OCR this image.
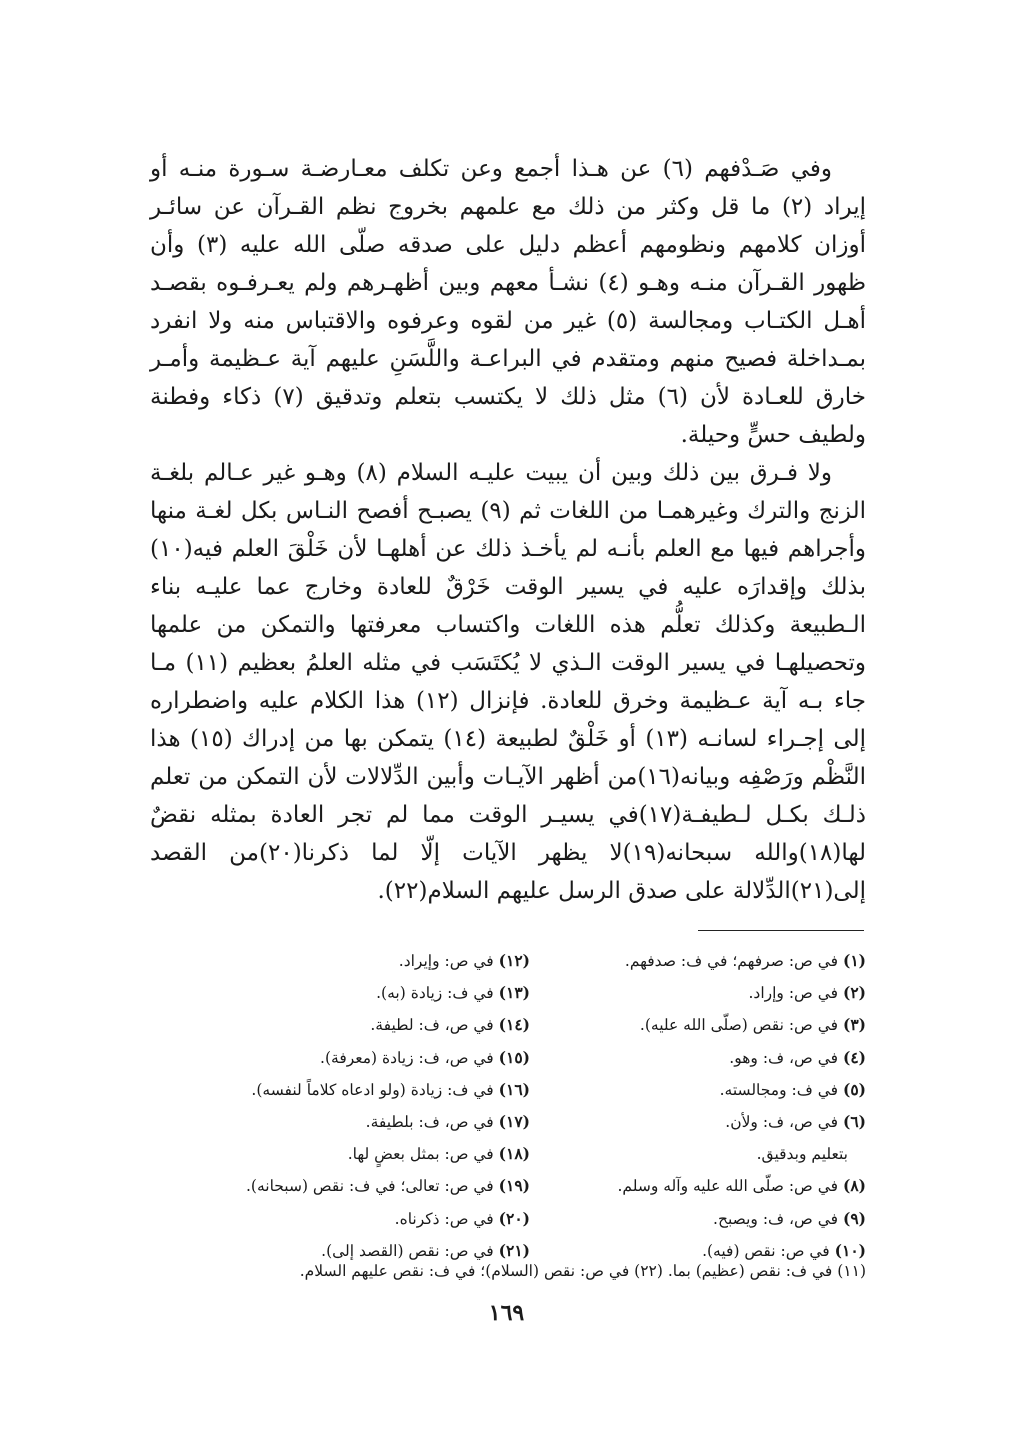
وفي صَـدْفهم (٦) عن هـذا أجمع وعن تكلف معـارضـة سـورة منـه أو إيراد (٢) ما قل وكثر من ذلك مع علمهم بخروج نظم القـرآن عن سائـر أوزان كلامهم ونظومهم أعظم دليل على صدقه صلّى الله عليه (٣) وأن ظهور القـرآن منـه وهـو (٤) نشـأ معهم وبين أظهـرهم ولم يعـرفـوه بقصـد أهـل الكتـاب ومجالسة (٥) غير من لقوه وعرفوه والاقتباس منه ولا انفرد بمـداخلة فصيح منهم ومتقدم في البراعـة واللَّسَنِ عليهم آية عـظيمة وأمـر خارق للعـادة لأن (٦) مثل ذلك لا يكتسب بتعلم وتدقيق (٧) ذكاء وفطنة ولطيف حسٍّ وحيلة.

ولا فـرق بين ذلك وبين أن يبيت عليـه السلام (٨) وهـو غير عـالم بلغـة الزنج والترك وغيرهمـا من اللغات ثم (٩) يصبـح أفصح النـاس بكل لغـة منها وأجراهم فيها مع العلم بأنـه لم يأخـذ ذلك عن أهلهـا لأن خَلْقَ العلم فيه(١٠) بذلك وإقدارَه عليه في يسير الوقت خَرْقٌ للعادة وخارج عما عليـه بناء الـطبيعة وكذلك تعلُّم هذه اللغات واكتساب معرفتها والتمكن من علمها وتحصيلهـا في يسير الوقت الـذي لا يُكتَسَب في مثله العلمُ بعظيم (١١) مـا جاء بـه آية عـظيمة وخرق للعادة. فإنزال (١٢) هذا الكلام عليه واضطراره إلى إجـراء لسانـه (١٣) أو خَلْقٌ لطبيعة (١٤) يتمكن بها من إدراك (١٥) هذا النَّظْم ورَصْفِه وبيانه(١٦)من أظهر الآيـات وأبين الدِّلالات لأن التمكن من تعلم ذلـك بكـل لـطيفـة(١٧)في يسيـر الوقت مما لم تجر العادة بمثله نقضٌ لها(١٨)والله سبحانه(١٩)لا يظهر الآيات إلّا لما ذكرنا(٢٠)من القصد إلى(٢١)الدِّلالة على صدق الرسل عليهم السلام(٢٢).

(١) في ص: صرفهم؛ في ف: صدفهم.
(٢) في ص: وإراد.
(٣) في ص: نقص (صلّى الله عليه).
(٤) في ص، ف: وهو.
(٥) في ف: ومجالسته.
(٦) في ص، ف: ولأن.
بتعليم وبدقيق.
(٨) في ص: صلّى الله عليه وآله وسلم.
(٩) في ص، ف: ويصبح.
(١٠) في ص: نقص (فيه).
(١٢) في ص: وإيراد.
(١٣) في ف: زيادة (به).
(١٤) في ص، ف: لطيفة.
(١٥) في ص، ف: زيادة (معرفة).
(١٦) في ف: زيادة (ولو ادعاه كلاماً لنفسه).
(١٧) في ص، ف: بلطيفة.
(١٨) في ص: بمثل بعضٍ لها.
(١٩) في ص: تعالى؛ في ف: نقص (سبحانه).
(٢٠) في ص: ذكرناه.
(٢١) في ص: نقص (القصد إلى).
(١١) في ف: نقص (عظيم) بما. (٢٢) في ص: نقص (السلام)؛ في ف: نقص عليهم السلام.
١٦٩
